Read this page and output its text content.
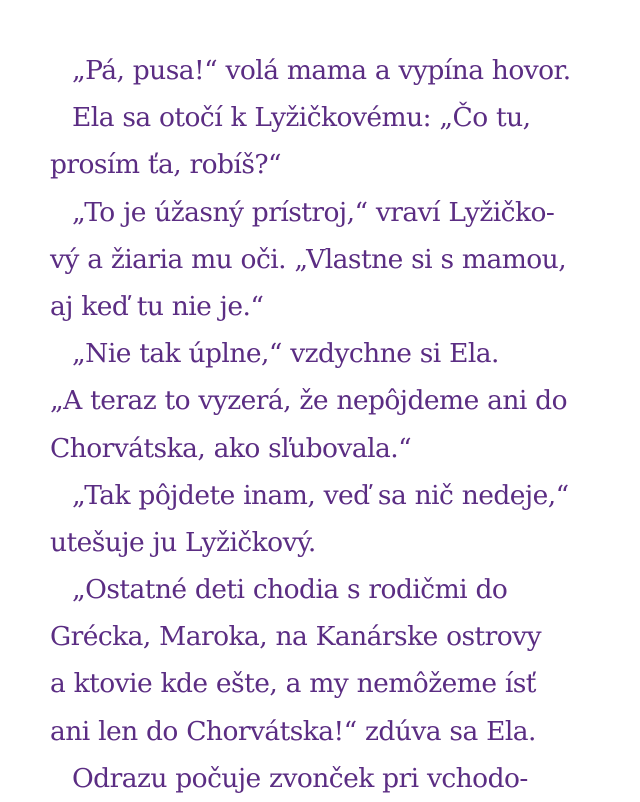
„Pá, pusa!“ volá mama a vypína hovor.
Ela sa otočí k Lyžičkovému: „Čo tu,
prosím ťa, robíš?“
„To je úžasný prístroj,“ vraví Lyžičko-
vý a žiaria mu oči. „Vlastne si s mamou,
aj keď tu nie je.“
„Nie tak úplne,“ vzdychne si Ela.
„A teraz to vyzerá, že nepôjdeme ani do
Chorvátska, ako sľubovala.“
„Tak pôjdete inam, veď sa nič nedeje,“
utešuje ju Lyžičkový.
„Ostatné deti chodia s rodičmi do
Grécka, Maroka, na Kanárske ostrovy
a ktovie kde ešte, a my nemôžeme ísť
ani len do Chorvátska!“ zdúva sa Ela.
Odrazu počuje zvonček pri vchodo-
